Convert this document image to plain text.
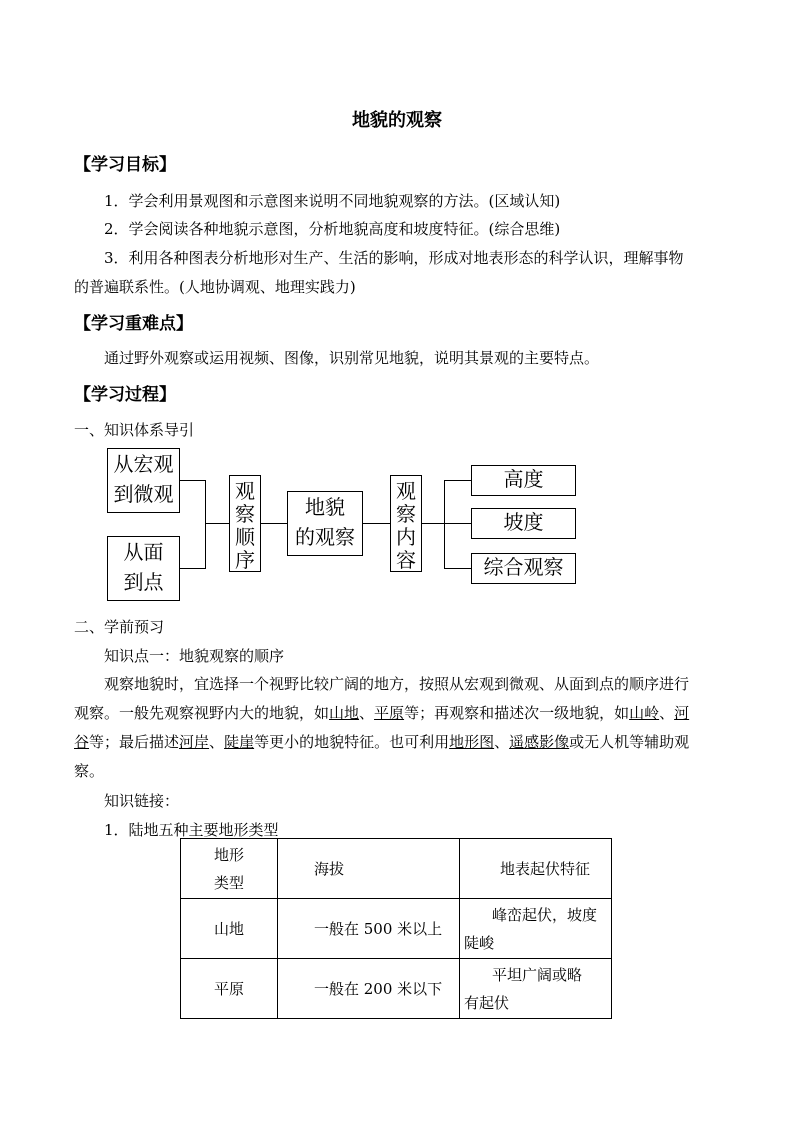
地貌的观察
【学习目标】
1．学会利用景观图和示意图来说明不同地貌观察的方法。(区域认知)
2．学会阅读各种地貌示意图，分析地貌高度和坡度特征。(综合思维)
3．利用各种图表分析地形对生产、生活的影响，形成对地表形态的科学认识，理解事物
的普遍联系性。(人地协调观、地理实践力)
【学习重难点】
通过野外观察或运用视频、图像，识别常见地貌，说明其景观的主要特点。
【学习过程】
一、知识体系导引
从宏观
到微观
从面
到点
观
察
顺
序
地貌
的观察
观
察
内
容
高度
坡度
综合观察
二、学前预习
知识点一：地貌观察的顺序
观察地貌时，宜选择一个视野比较广阔的地方，按照从宏观到微观、从面到点的顺序进行
观察。一般先观察视野内大的地貌，如山地、平原等；再观察和描述次一级地貌，如山岭、河
谷等；最后描述河岸、陡崖等更小的地貌特征。也可利用地形图、遥感影像或无人机等辅助观
察。
知识链接：
1．陆地五种主要地形类型
地形
类型	海拔	地表起伏特征
山地	一般在 500 米以上	峰峦起伏，坡度
陡峻

平原	一般在 200 米以下	平坦广阔或略
有起伏
